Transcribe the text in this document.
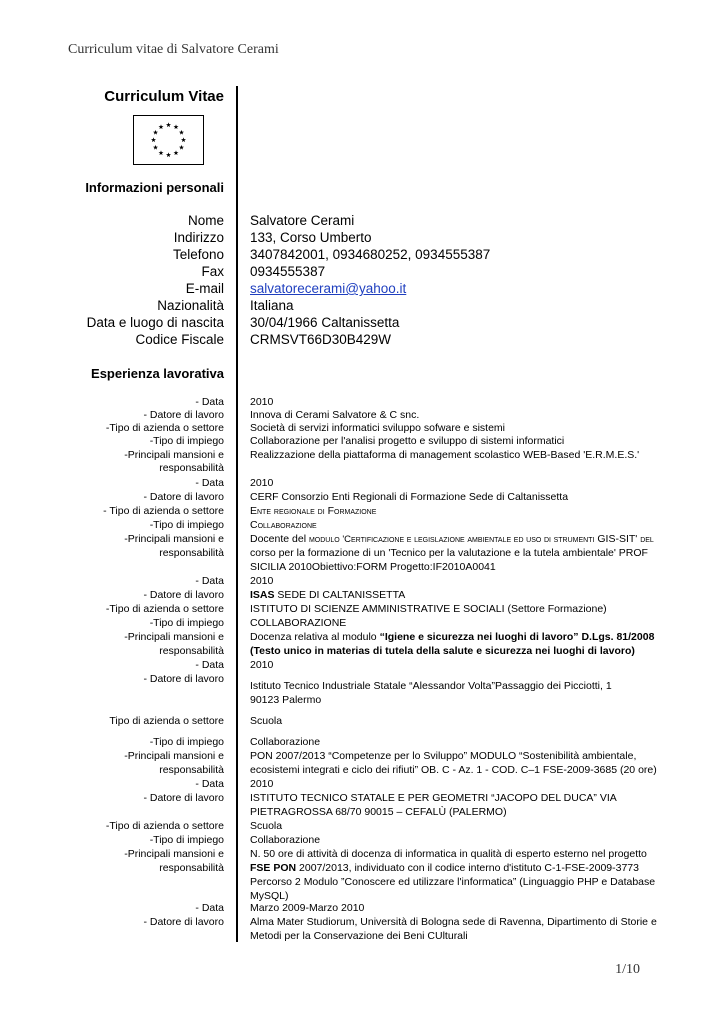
Curriculum vitae di Salvatore Cerami
Curriculum Vitae
Informazioni personali
Nome Salvatore Cerami
Indirizzo 133, Corso Umberto
Telefono 3407842001, 0934680252, 0934555387
Fax 0934555387
E-mail salvatorecerami@yahoo.it
Nazionalità Italiana
Data e luogo di nascita 30/04/1966 Caltanissetta
Codice Fiscale CRMSVT66D30B429W
Esperienza lavorativa
- Data 2010
- Datore di lavoro Innova di Cerami Salvatore & C snc.
-Tipo di azienda o settore Società di servizi informatici sviluppo sofware e sistemi
-Tipo di impiego Collaborazione per l'analisi progetto e sviluppo di sistemi informatici
-Principali mansioni e Realizzazione della piattaforma di management scolastico WEB-Based 'E.R.M.E.S.'
responsabilità
- Data 2010
- Datore di lavoro CERF Consorzio Enti Regionali di Formazione Sede di Caltanissetta
- Tipo di azienda o settore Ente regionale di Formazione
-Tipo di impiego Collaborazione
-Principali mansioni e Docente del modulo 'Certificazione e legislazione ambientale ed uso di strumenti GIS-SIT' del
responsabilità corso per la formazione di un 'Tecnico per la valutazione e la tutela ambientale' PROF
SICILIA 2010Obiettivo:FORM Progetto:IF2010A0041
- Data 2010
- Datore di lavoro ISAS SEDE DI CALTANISSETTA
-Tipo di azienda o settore ISTITUTO DI SCIENZE AMMINISTRATIVE E SOCIALI (Settore Formazione)
-Tipo di impiego COLLABORAZIONE
-Principali mansioni e Docenza relativa al modulo “Igiene e sicurezza nei luoghi di lavoro” D.Lgs. 81/2008
responsabilità (Testo unico in materias di tutela della salute e sicurezza nei luoghi di lavoro)
- Data 2010
- Datore di lavoro
Istituto Tecnico Industriale Statale “Alessandor Volta”Passaggio dei Picciotti, 1
90123 Palermo
Tipo di azienda o settore Scuola
-Tipo di impiego Collaborazione
-Principali mansioni e PON 2007/2013 “Competenze per lo Sviluppo” MODULO “Sostenibilità ambientale,
responsabilità ecosistemi integrati e ciclo dei rifiuti” OB. C - Az. 1 - COD. C–1 FSE-2009-3685 (20 ore)
- Data 2010
- Datore di lavoro ISTITUTO TECNICO STATALE E PER GEOMETRI “JACOPO DEL DUCA” VIA
PIETRAGROSSA 68/70 90015 – CEFALÙ (PALERMO)
-Tipo di azienda o settore Scuola
-Tipo di impiego Collaborazione
-Principali mansioni e N. 50 ore di attività di docenza di informatica in qualità di esperto esterno nel progetto
responsabilità FSE PON 2007/2013, individuato con il codice interno d'istituto C-1-FSE-2009-3773
Percorso 2 Modulo ”Conoscere ed utilizzare l'informatica” (Linguaggio PHP e Database
MySQL)
- Data Marzo 2009-Marzo 2010
- Datore di lavoro Alma Mater Studiorum, Università di Bologna sede di Ravenna, Dipartimento di Storie e
Metodi per la Conservazione dei Beni CUlturali
1/10
